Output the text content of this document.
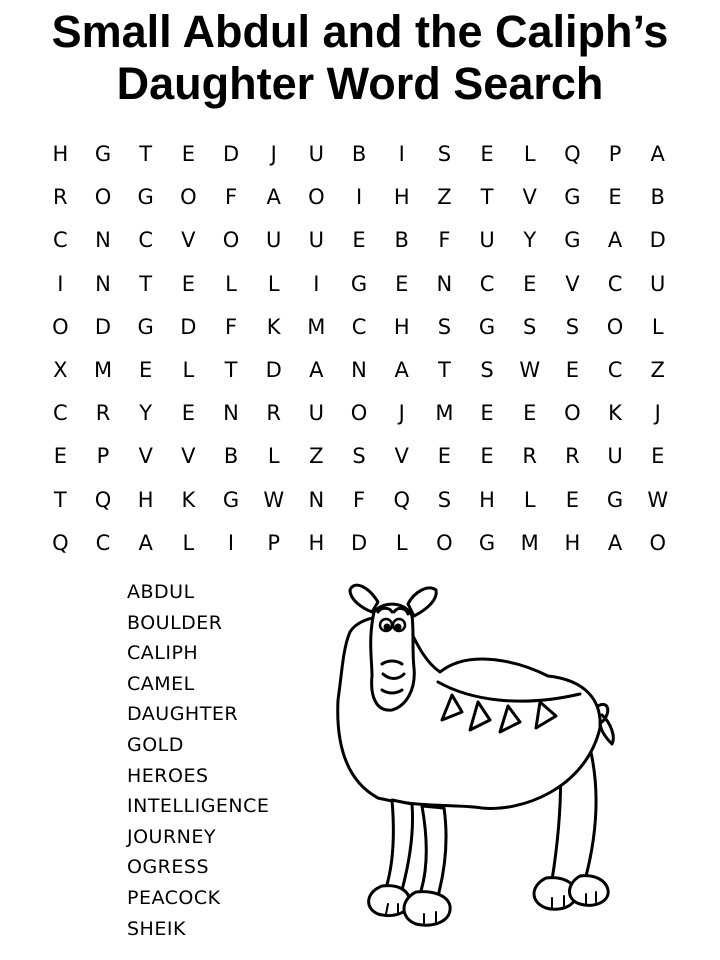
Small Abdul and the Caliph’s
Daughter Word Search
H	G	T	E	D	J	U	B	I	S	E	L	Q	P	A
R	O	G	O	F	A	O	I	H	Z	T	V	G	E	B
C	N	C	V	O	U	U	E	B	F	U	Y	G	A	D
I	N	T	E	L	L	I	G	E	N	C	E	V	C	U
O	D	G	D	F	K	M	C	H	S	G	S	S	O	L
X	M	E	L	T	D	A	N	A	T	S	W	E	C	Z
C	R	Y	E	N	R	U	O	J	M	E	E	O	K	J
E	P	V	V	B	L	Z	S	V	E	E	R	R	U	E
T	Q	H	K	G	W	N	F	Q	S	H	L	E	G	W
Q	C	A	L	I	P	H	D	L	O	G	M	H	A	O
ABDUL
BOULDER
CALIPH
CAMEL
DAUGHTER
GOLD
HEROES
INTELLIGENCE
JOURNEY
OGRESS
PEACOCK
SHEIK
